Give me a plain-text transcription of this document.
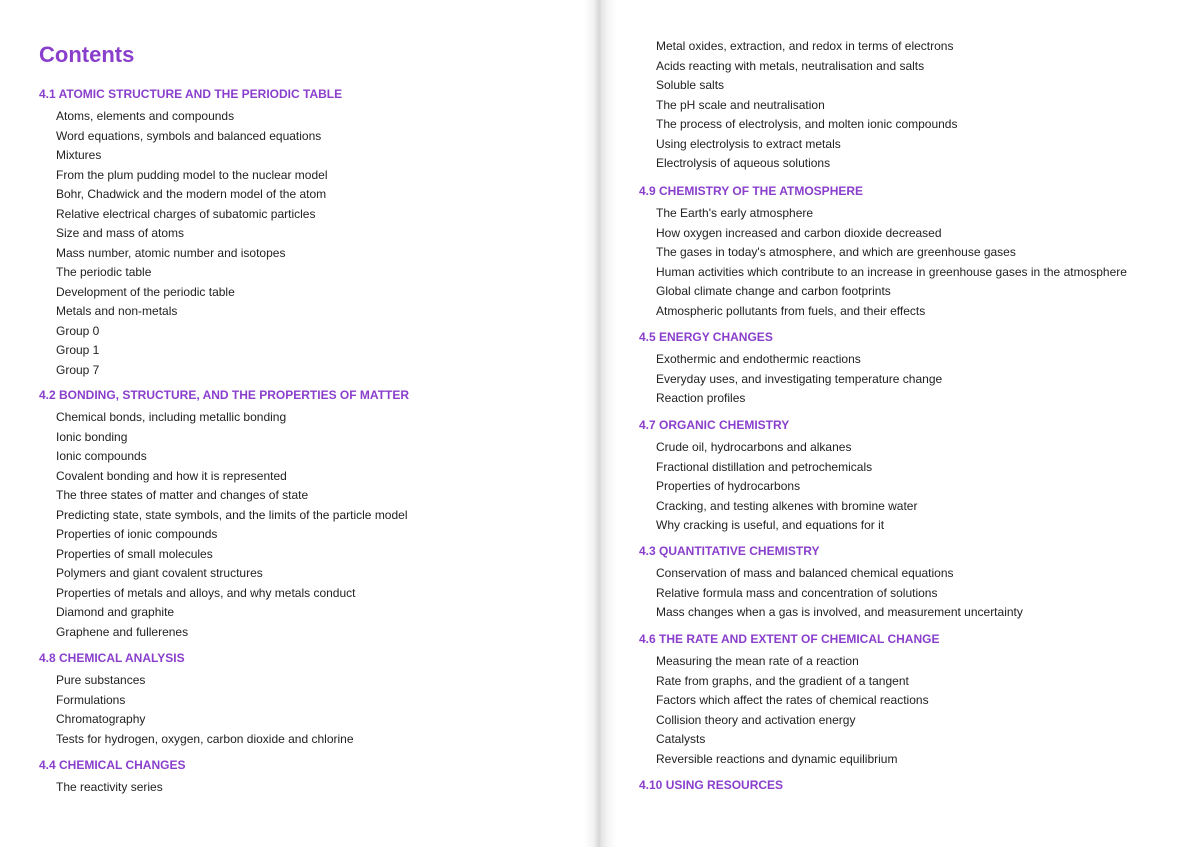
Contents
4.1 ATOMIC STRUCTURE AND THE PERIODIC TABLE
Atoms, elements and compounds
Word equations, symbols and balanced equations
Mixtures
From the plum pudding model to the nuclear model
Bohr, Chadwick and the modern model of the atom
Relative electrical charges of subatomic particles
Size and mass of atoms
Mass number, atomic number and isotopes
The periodic table
Development of the periodic table
Metals and non-metals
Group 0
Group 1
Group 7
4.2 BONDING, STRUCTURE, AND THE PROPERTIES OF MATTER
Chemical bonds, including metallic bonding
Ionic bonding
Ionic compounds
Covalent bonding and how it is represented
The three states of matter and changes of state
Predicting state, state symbols, and the limits of the particle model
Properties of ionic compounds
Properties of small molecules
Polymers and giant covalent structures
Properties of metals and alloys, and why metals conduct
Diamond and graphite
Graphene and fullerenes
4.8 CHEMICAL ANALYSIS
Pure substances
Formulations
Chromatography
Tests for hydrogen, oxygen, carbon dioxide and chlorine
4.4 CHEMICAL CHANGES
The reactivity series
Metal oxides, extraction, and redox in terms of electrons
Acids reacting with metals, neutralisation and salts
Soluble salts
The pH scale and neutralisation
The process of electrolysis, and molten ionic compounds
Using electrolysis to extract metals
Electrolysis of aqueous solutions
4.9 CHEMISTRY OF THE ATMOSPHERE
The Earth's early atmosphere
How oxygen increased and carbon dioxide decreased
The gases in today's atmosphere, and which are greenhouse gases
Human activities which contribute to an increase in greenhouse gases in the atmosphere
Global climate change and carbon footprints
Atmospheric pollutants from fuels, and their effects
4.5 ENERGY CHANGES
Exothermic and endothermic reactions
Everyday uses, and investigating temperature change
Reaction profiles
4.7 ORGANIC CHEMISTRY
Crude oil, hydrocarbons and alkanes
Fractional distillation and petrochemicals
Properties of hydrocarbons
Cracking, and testing alkenes with bromine water
Why cracking is useful, and equations for it
4.3 QUANTITATIVE CHEMISTRY
Conservation of mass and balanced chemical equations
Relative formula mass and concentration of solutions
Mass changes when a gas is involved, and measurement uncertainty
4.6 THE RATE AND EXTENT OF CHEMICAL CHANGE
Measuring the mean rate of a reaction
Rate from graphs, and the gradient of a tangent
Factors which affect the rates of chemical reactions
Collision theory and activation energy
Catalysts
Reversible reactions and dynamic equilibrium
4.10 USING RESOURCES
